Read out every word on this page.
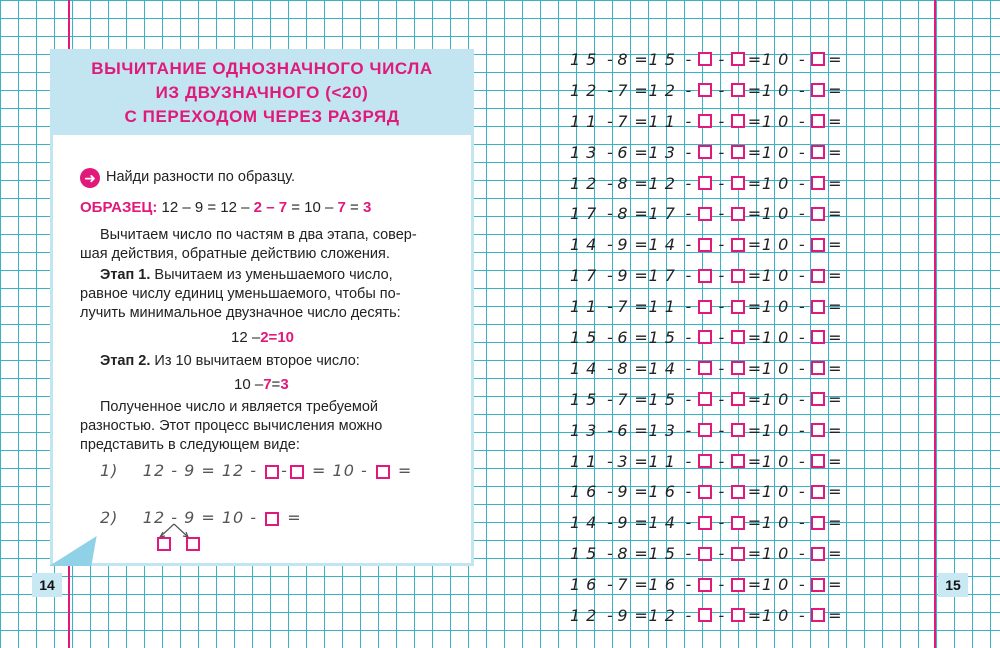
14	15
ВЫЧИТАНИЕ ОДНОЗНАЧНОГО ЧИСЛА
ИЗ ДВУЗНАЧНОГО (<20)
С ПЕРЕХОДОМ ЧЕРЕЗ РАЗРЯД
➜ Найди разности по образцу.
ОБРАЗЕЦ: 12 – 9 = 12 – 2 – 7 = 10 – 7 = 3
Вычитаем число по частям в два этапа, совер-
шая действия, обратные действию сложения.
Этап 1. Вычитаем из уменьшаемого число,
равное числу единиц уменьшаемого, чтобы по-
лучить минимальное двузначное число десять:
12 –2=10
Этап 2. Из 10 вычитаем второе число:
10 –7=3
Полученное число и является требуемой
разностью. Этот процесс вычисления можно
представить в следующем виде:
1) 12 - 9 = 12 - - = 10 - =
2) 12 - 9 = 10 - =
15 - 8 = 15 - - = 10 - =
12 - 7 = 12 - - = 10 - =
11 - 7 = 11 - - = 10 - =
13 - 6 = 13 - - = 10 - =
12 - 8 = 12 - - = 10 - =
17 - 8 = 17 - - = 10 - =
14 - 9 = 14 - - = 10 - =
17 - 9 = 17 - - = 10 - =
11 - 7 = 11 - - = 10 - =
15 - 6 = 15 - - = 10 - =
14 - 8 = 14 - - = 10 - =
15 - 7 = 15 - - = 10 - =
13 - 6 = 13 - - = 10 - =
11 - 3 = 11 - - = 10 - =
16 - 9 = 16 - - = 10 - =
14 - 9 = 14 - - = 10 - =
15 - 8 = 15 - - = 10 - =
16 - 7 = 16 - - = 10 - =
12 - 9 = 12 - - = 10 - =
